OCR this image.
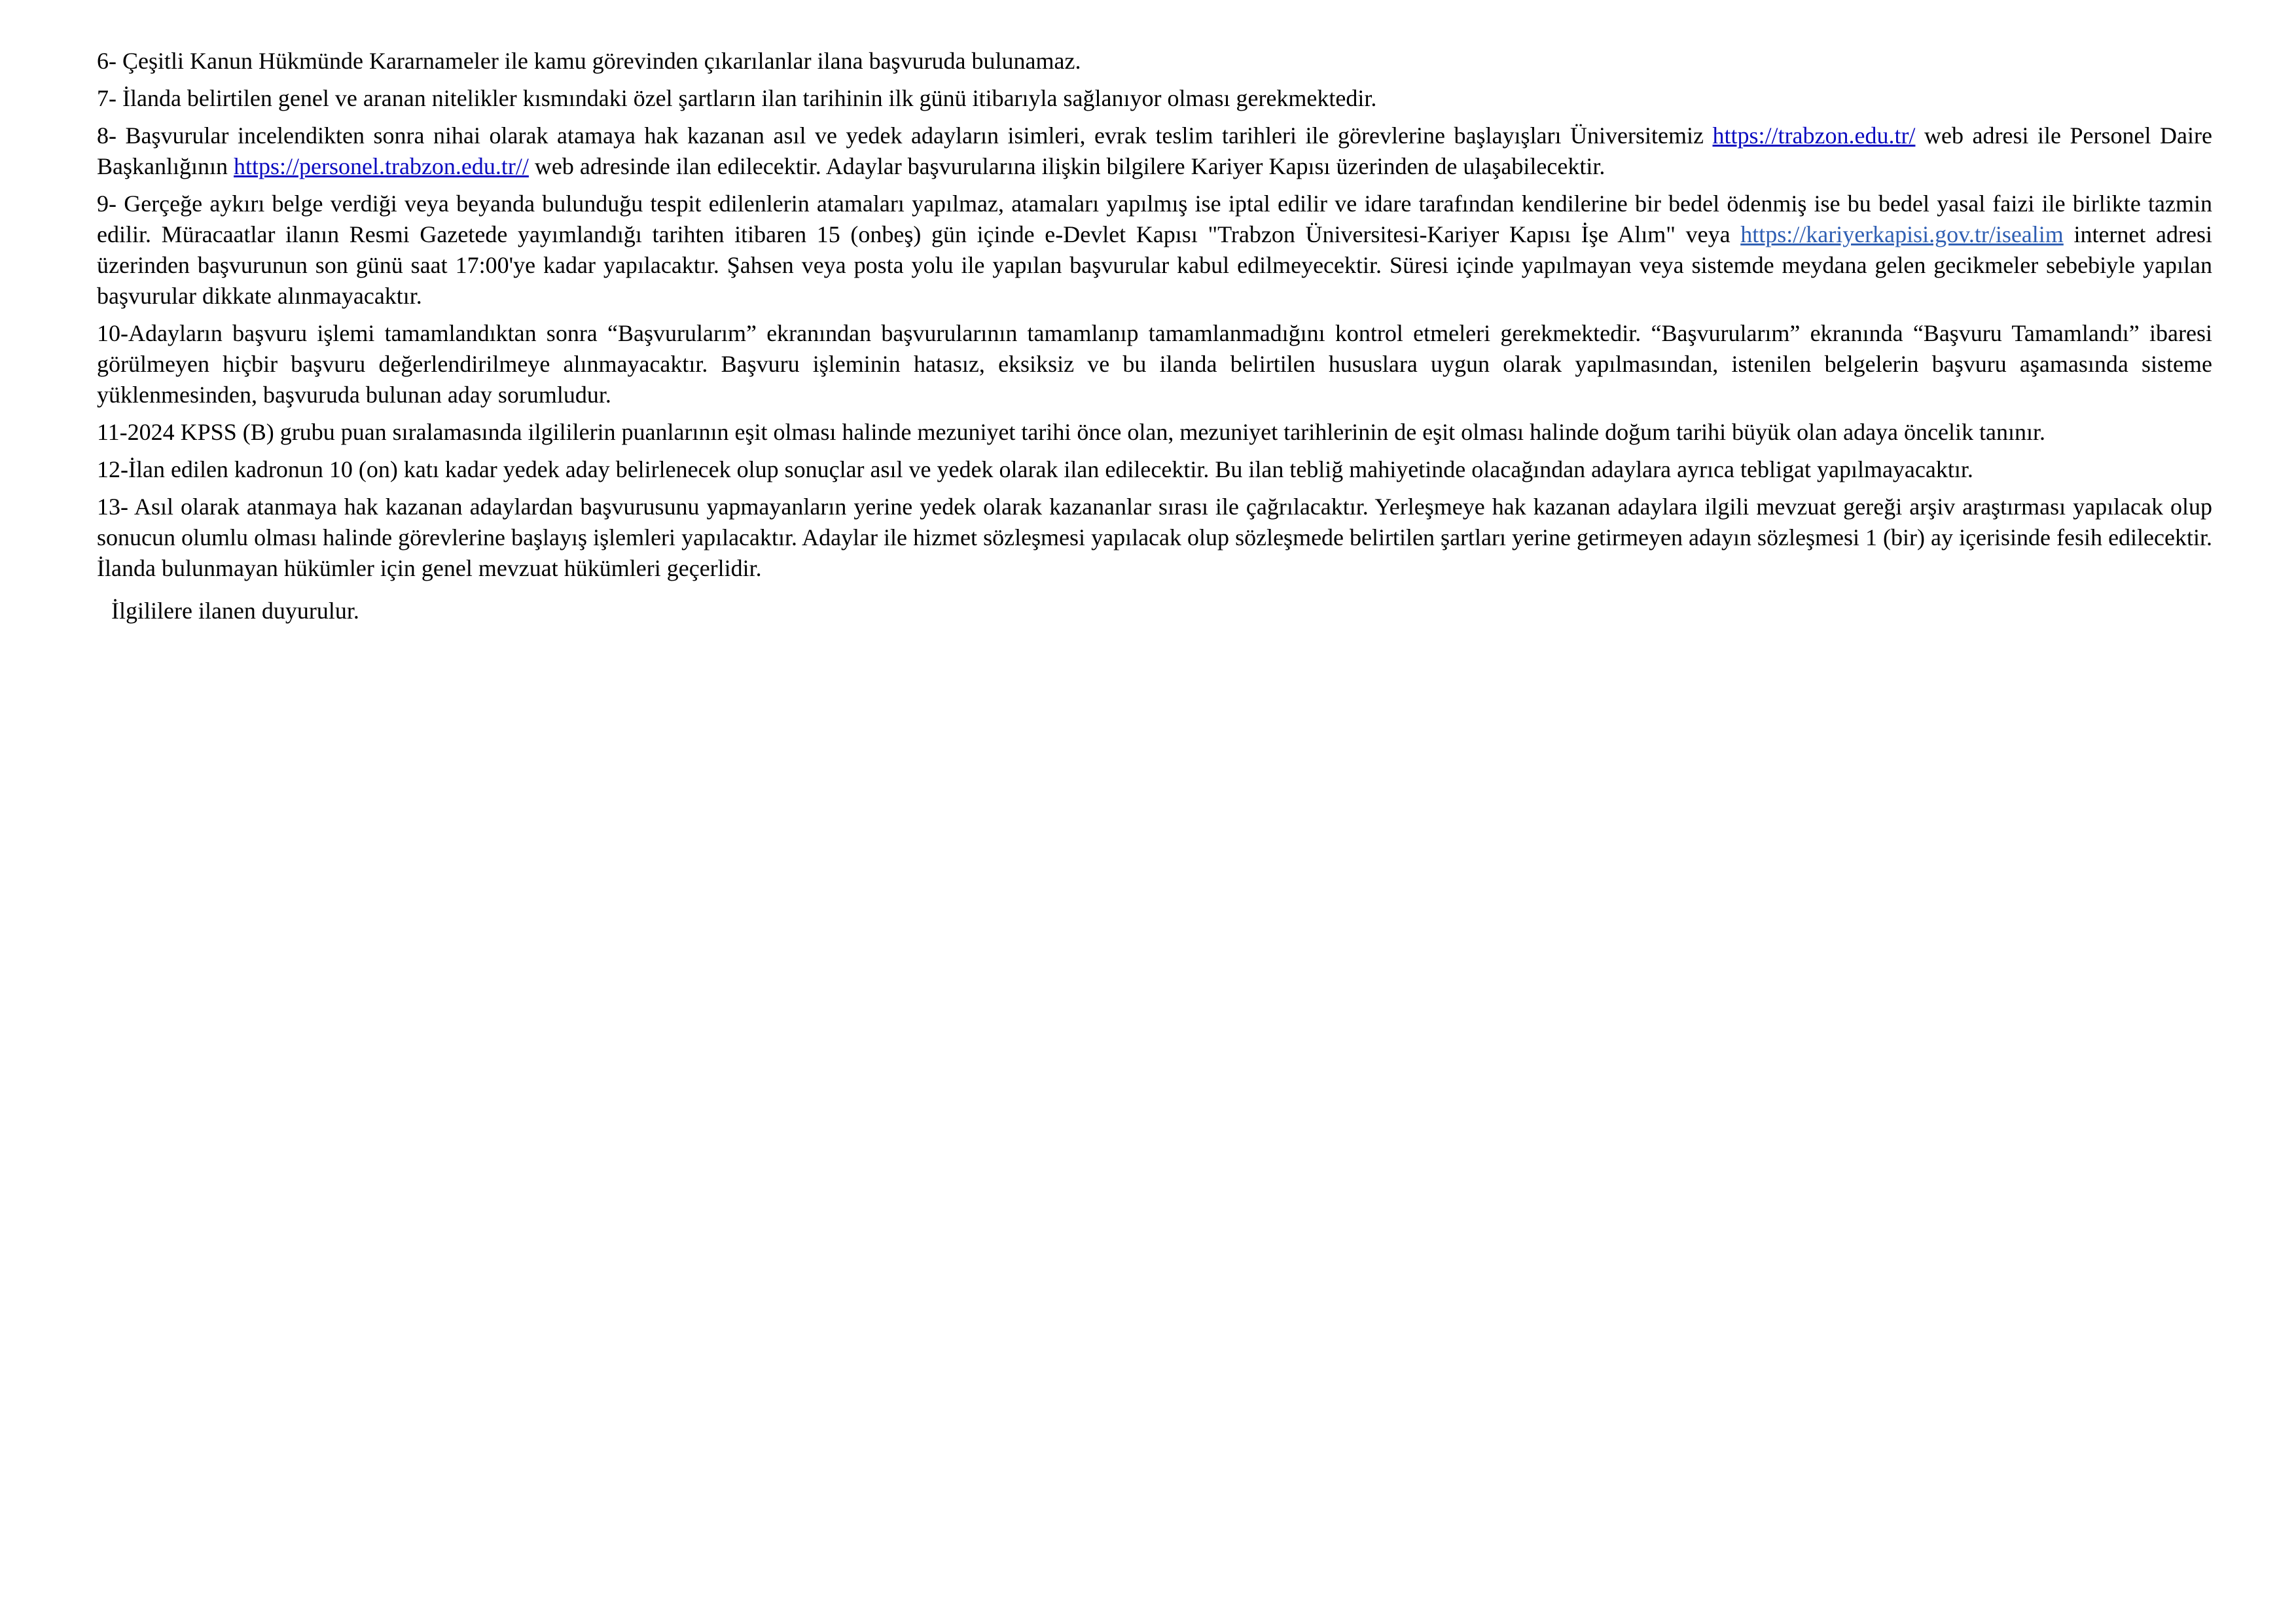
6- Çeşitli Kanun Hükmünde Kararnameler ile kamu görevinden çıkarılanlar ilana başvuruda bulunamaz.

7- İlanda belirtilen genel ve aranan nitelikler kısmındaki özel şartların ilan tarihinin ilk günü itibarıyla sağlanıyor olması gerekmektedir.

8- Başvurular incelendikten sonra nihai olarak atamaya hak kazanan asıl ve yedek adayların isimleri, evrak teslim tarihleri ile görevlerine başlayışları Üniversitemiz https://trabzon.edu.tr/ web adresi ile Personel Daire Başkanlığının https://personel.trabzon.edu.tr// web adresinde ilan edilecektir. Adaylar başvurularına ilişkin bilgilere Kariyer Kapısı üzerinden de ulaşabilecektir.

9- Gerçeğe aykırı belge verdiği veya beyanda bulunduğu tespit edilenlerin atamaları yapılmaz, atamaları yapılmış ise iptal edilir ve idare tarafından kendilerine bir bedel ödenmiş ise bu bedel yasal faizi ile birlikte tazmin edilir. Müracaatlar ilanın Resmi Gazetede yayımlandığı tarihten itibaren 15 (onbeş) gün içinde e-Devlet Kapısı "Trabzon Üniversitesi-Kariyer Kapısı İşe Alım" veya https://kariyerkapisi.gov.tr/isealim internet adresi üzerinden başvurunun son günü saat 17:00'ye kadar yapılacaktır. Şahsen veya posta yolu ile yapılan başvurular kabul edilmeyecektir. Süresi içinde yapılmayan veya sistemde meydana gelen gecikmeler sebebiyle yapılan başvurular dikkate alınmayacaktır.

10-Adayların başvuru işlemi tamamlandıktan sonra “Başvurularım” ekranından başvurularının tamamlanıp tamamlanmadığını kontrol etmeleri gerekmektedir. “Başvurularım” ekranında “Başvuru Tamamlandı” ibaresi görülmeyen hiçbir başvuru değerlendirilmeye alınmayacaktır. Başvuru işleminin hatasız, eksiksiz ve bu ilanda belirtilen hususlara uygun olarak yapılmasından, istenilen belgelerin başvuru aşamasında sisteme yüklenmesinden, başvuruda bulunan aday sorumludur.

11-2024 KPSS (B) grubu puan sıralamasında ilgililerin puanlarının eşit olması halinde mezuniyet tarihi önce olan, mezuniyet tarihlerinin de eşit olması halinde doğum tarihi büyük olan adaya öncelik tanınır.

12-İlan edilen kadronun 10 (on) katı kadar yedek aday belirlenecek olup sonuçlar asıl ve yedek olarak ilan edilecektir. Bu ilan tebliğ mahiyetinde olacağından adaylara ayrıca tebligat yapılmayacaktır.

13- Asıl olarak atanmaya hak kazanan adaylardan başvurusunu yapmayanların yerine yedek olarak kazananlar sırası ile çağrılacaktır. Yerleşmeye hak kazanan adaylara ilgili mevzuat gereği arşiv araştırması yapılacak olup sonucun olumlu olması halinde görevlerine başlayış işlemleri yapılacaktır. Adaylar ile hizmet sözleşmesi yapılacak olup sözleşmede belirtilen şartları yerine getirmeyen adayın sözleşmesi 1 (bir) ay içerisinde fesih edilecektir. İlanda bulunmayan hükümler için genel mevzuat hükümleri geçerlidir.

İlgililere ilanen duyurulur.
